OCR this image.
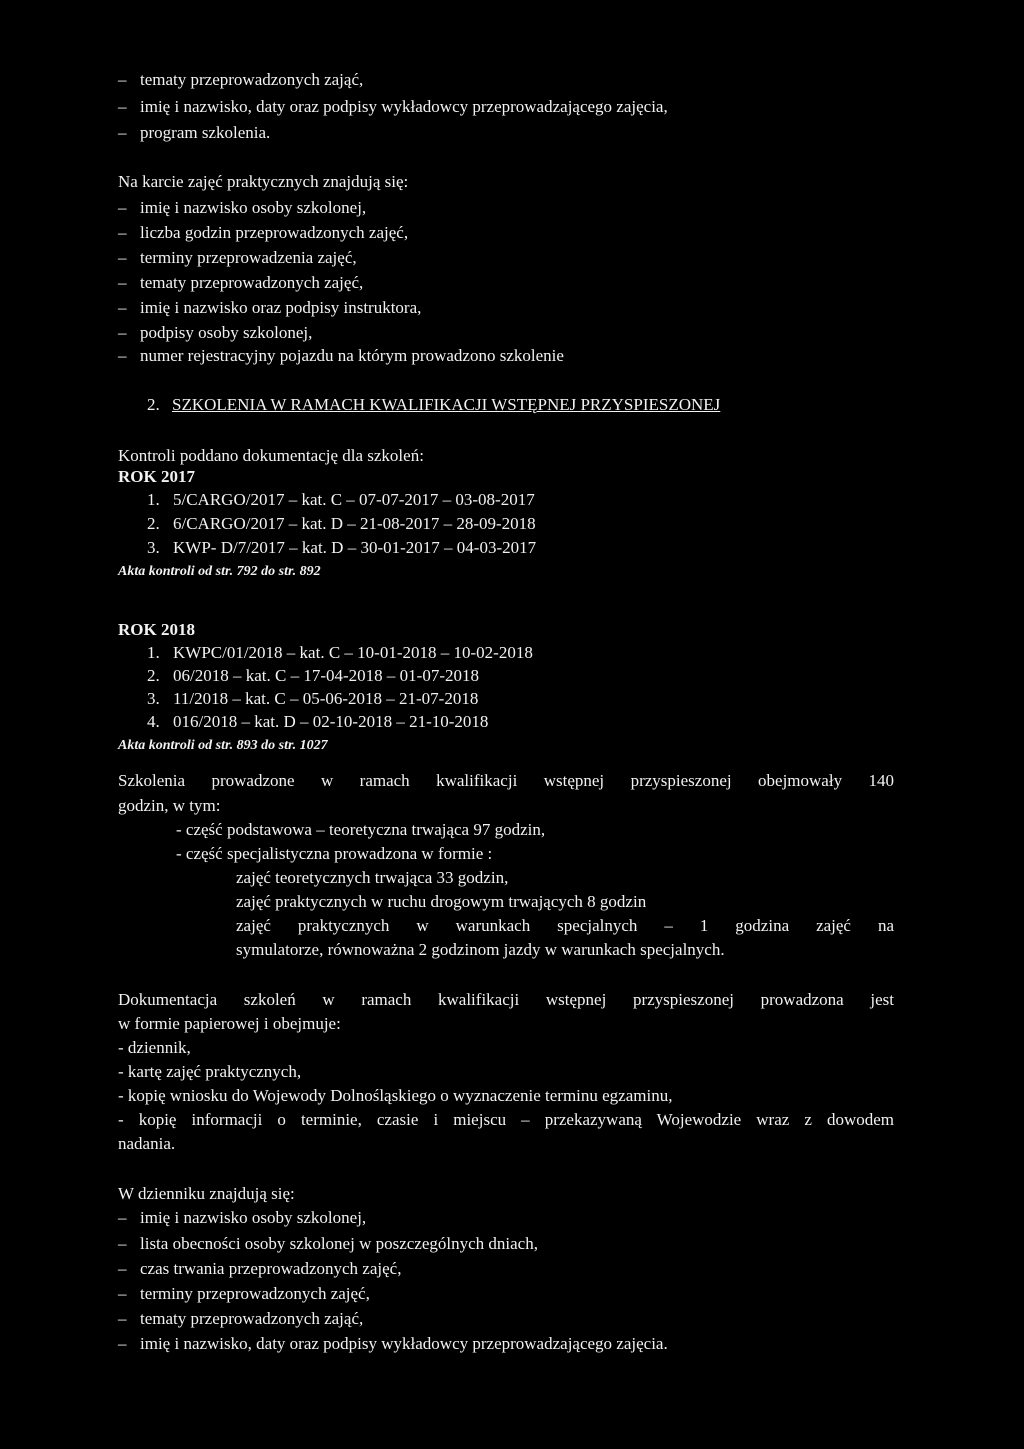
– tematy przeprowadzonych zająć,
– imię i nazwisko, daty oraz podpisy wykładowcy przeprowadzającego zajęcia,
– program szkolenia.
Na karcie zajęć praktycznych znajdują się:
– imię i nazwisko osoby szkolonej,
– liczba godzin przeprowadzonych zajęć,
– terminy przeprowadzenia zajęć,
– tematy przeprowadzonych zajęć,
– imię i nazwisko oraz podpisy instruktora,
– podpisy osoby szkolonej,
– numer rejestracyjny pojazdu na którym prowadzono szkolenie
2. SZKOLENIA W RAMACH KWALIFIKACJI WSTĘPNEJ PRZYSPIESZONEJ
Kontroli poddano dokumentację dla szkoleń:
ROK 2017
1. 5/CARGO/2017 – kat. C – 07-07-2017 – 03-08-2017
2. 6/CARGO/2017 – kat. D – 21-08-2017 – 28-09-2018
3. KWP- D/7/2017 – kat. D – 30-01-2017 – 04-03-2017
Akta kontroli od str. 792 do str. 892
ROK 2018
1. KWPC/01/2018 – kat. C – 10-01-2018 – 10-02-2018
2. 06/2018 – kat. C – 17-04-2018 – 01-07-2018
3. 11/2018 – kat. C – 05-06-2018 – 21-07-2018
4. 016/2018 – kat. D – 02-10-2018 – 21-10-2018
Akta kontroli od str. 893 do str. 1027
Szkolenia prowadzone w ramach kwalifikacji wstępnej przyspieszonej obejmowały 140
godzin, w tym:
- część podstawowa – teoretyczna trwająca 97 godzin,
- część specjalistyczna prowadzona w formie :
zajęć teoretycznych trwająca 33 godzin,
zajęć praktycznych w ruchu drogowym trwających 8 godzin
zajęć praktycznych w warunkach specjalnych – 1 godzina zajęć na
symulatorze, równoważna 2 godzinom jazdy w warunkach specjalnych.
Dokumentacja szkoleń w ramach kwalifikacji wstępnej przyspieszonej prowadzona jest
w formie papierowej i obejmuje:
- dziennik,
- kartę zajęć praktycznych,
- kopię wniosku do Wojewody Dolnośląskiego o wyznaczenie terminu egzaminu,
- kopię informacji o terminie, czasie i miejscu – przekazywaną Wojewodzie wraz z dowodem
nadania.
W dzienniku znajdują się:
– imię i nazwisko osoby szkolonej,
– lista obecności osoby szkolonej w poszczególnych dniach,
– czas trwania przeprowadzonych zajęć,
– terminy przeprowadzonych zajęć,
– tematy przeprowadzonych zająć,
– imię i nazwisko, daty oraz podpisy wykładowcy przeprowadzającego zajęcia.
